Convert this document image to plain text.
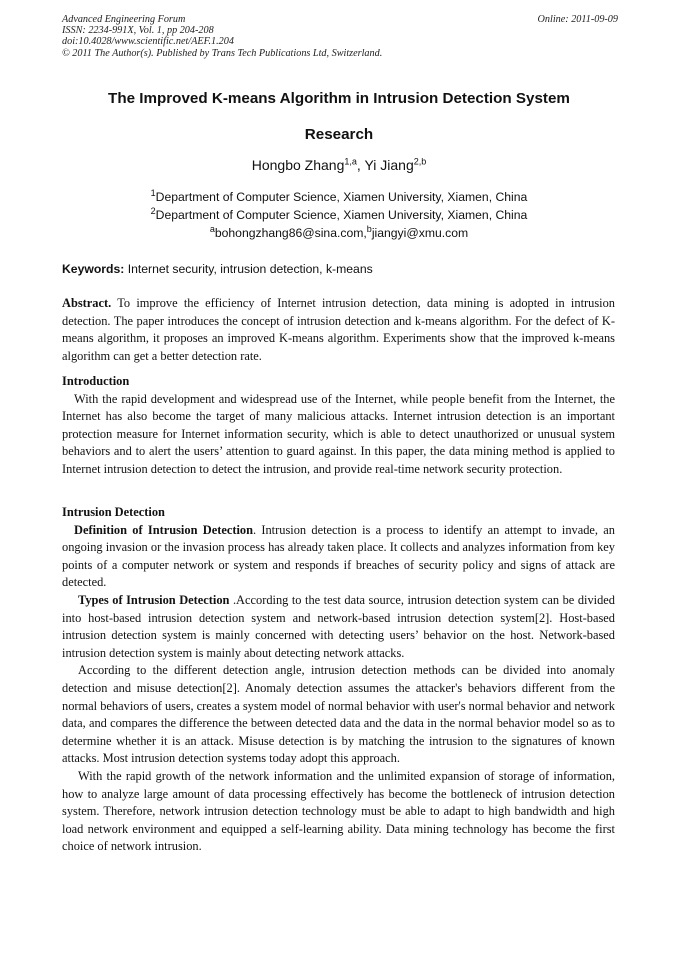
Advanced Engineering Forum
ISSN: 2234-991X, Vol. 1, pp 204-208
doi:10.4028/www.scientific.net/AEF.1.204
© 2011 The Author(s). Published by Trans Tech Publications Ltd, Switzerland.
Online: 2011-09-09
The Improved K-means Algorithm in Intrusion Detection System
Research
Hongbo Zhang$^{1,a}$, Yi Jiang$^{2,b}$
$^1$Department of Computer Science, Xiamen University, Xiamen, China
$^2$Department of Computer Science, Xiamen University, Xiamen, China
$^a$bohongzhang86@sina.com,$^b$jiangyi@xmu.com
Keywords: Internet security, intrusion detection, k-means

Abstract. To improve the efficiency of Internet intrusion detection, data mining is adopted in intrusion detection. The paper introduces the concept of intrusion detection and k-means algorithm. For the defect of K-means algorithm, it proposes an improved K-means algorithm. Experiments show that the improved k-means algorithm can get a better detection rate.

Introduction

With the rapid development and widespread use of the Internet, while people benefit from the Internet, the Internet has also become the target of many malicious attacks. Internet intrusion detection is an important protection measure for Internet information security, which is able to detect unauthorized or unusual system behaviors and to alert the users’ attention to guard against. In this paper, the data mining method is applied to Internet intrusion detection to detect the intrusion, and provide real-time network security protection.

Intrusion Detection

Definition of Intrusion Detection. Intrusion detection is a process to identify an attempt to invade, an ongoing invasion or the invasion process has already taken place. It collects and analyzes information from key points of a computer network or system and responds if breaches of security policy and signs of attack are detected.

Types of Intrusion Detection .According to the test data source, intrusion detection system can be divided into host-based intrusion detection system and network-based intrusion detection system[2]. Host-based intrusion detection system is mainly concerned with detecting users’ behavior on the host. Network-based intrusion detection system is mainly about detecting network attacks.

According to the different detection angle, intrusion detection methods can be divided into anomaly detection and misuse detection[2]. Anomaly detection assumes the attacker's behaviors different from the normal behaviors of users, creates a system model of normal behavior with user's normal behavior and network data, and compares the difference the between detected data and the data in the normal behavior model so as to determine whether it is an attack. Misuse detection is by matching the intrusion to the signatures of known attacks. Most intrusion detection systems today adopt this approach.

With the rapid growth of the network information and the unlimited expansion of storage of information, how to analyze large amount of data processing effectively has become the bottleneck of intrusion detection system. Therefore, network intrusion detection technology must be able to adapt to high bandwidth and high load network environment and equipped a self-learning ability. Data mining technology has become the first choice of network intrusion.
